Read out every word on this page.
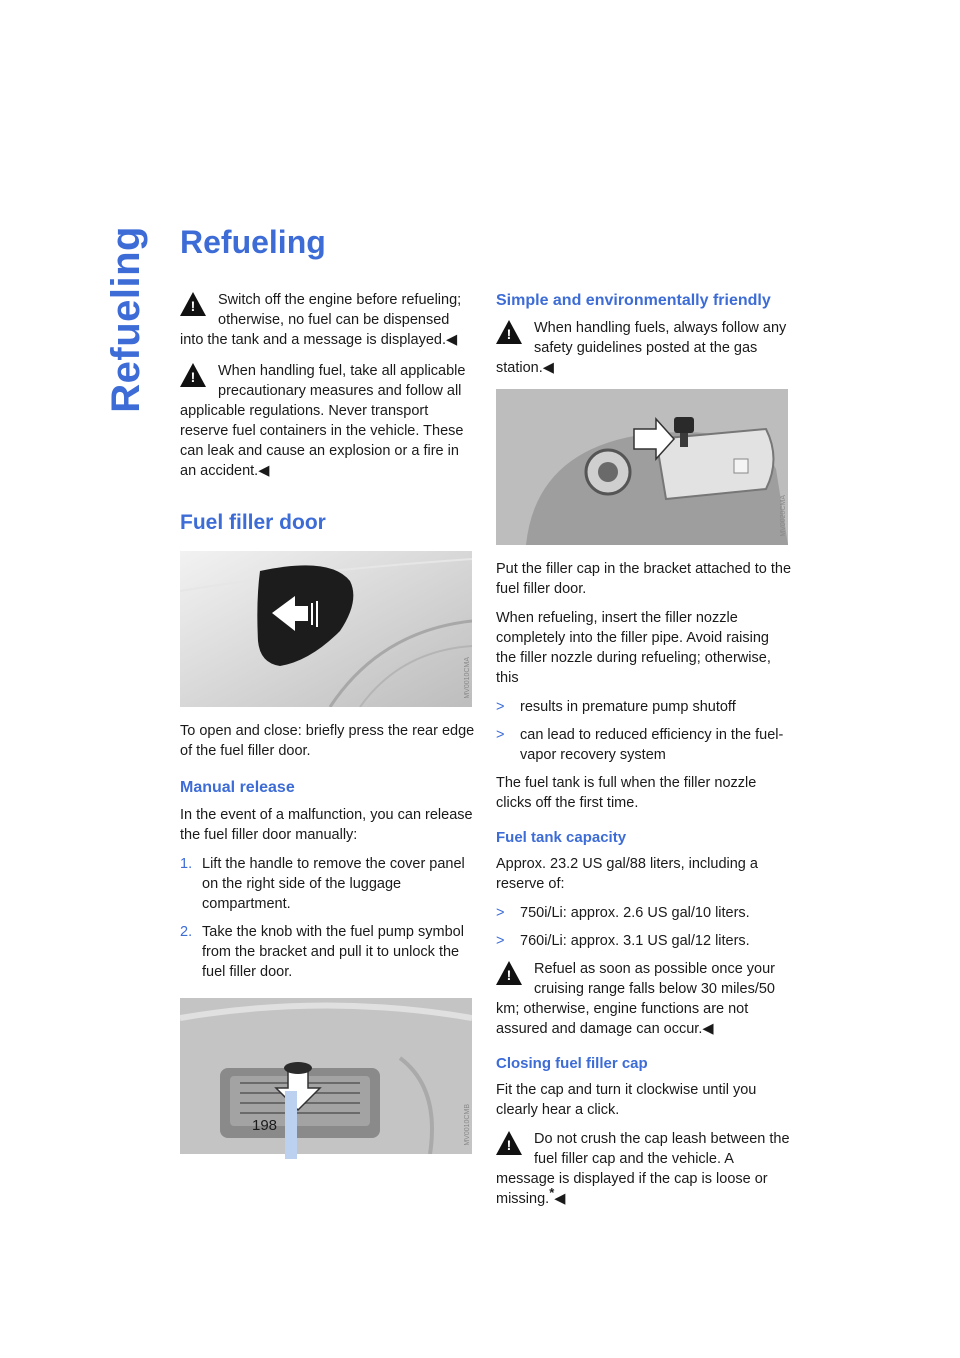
Refueling Refueling
!
Switch off the engine before refueling; otherwise, no fuel can be dispensed into the tank and a message is displayed.◀
!
When handling fuel, take all applicable precautionary measures and follow all applicable regulations. Never transport reserve fuel containers in the vehicle. These can leak and cause an explosion or a fire in an accident.◀
Fuel filler door
MV0010CMA

To open and close: briefly press the rear edge of the fuel filler door.

Manual release

In the event of a malfunction, you can release the fuel filler door manually:

1. Lift the handle to remove the cover panel on the right side of the luggage compartment.
2. Take the knob with the fuel pump symbol from the bracket and pull it to unlock the fuel filler door.
MV0010CMB
Simple and environmentally friendly
!
When handling fuels, always follow any safety guidelines posted at the gas station.◀
MV0020CMA

Put the filler cap in the bracket attached to the fuel filler door.

When refueling, insert the filler nozzle completely into the filler pipe. Avoid raising the filler nozzle during refueling; otherwise, this

> results in premature pump shutoff
> can lead to reduced efficiency in the fuel-vapor recovery system

The fuel tank is full when the filler nozzle clicks off the first time.

Fuel tank capacity

Approx. 23.2 US gal/88 liters, including a reserve of:

> 750i/Li: approx. 2.6 US gal/10 liters.
> 760i/Li: approx. 3.1 US gal/12 liters.
!
Refuel as soon as possible once your cruising range falls below 30 miles/50 km; otherwise, engine functions are not assured and damage can occur.◀
Closing fuel filler cap

Fit the cap and turn it clockwise until you clearly hear a click.

!
Do not crush the cap leash between the fuel filler cap and the vehicle. A message is displayed if the cap is loose or missing.*◀
198
